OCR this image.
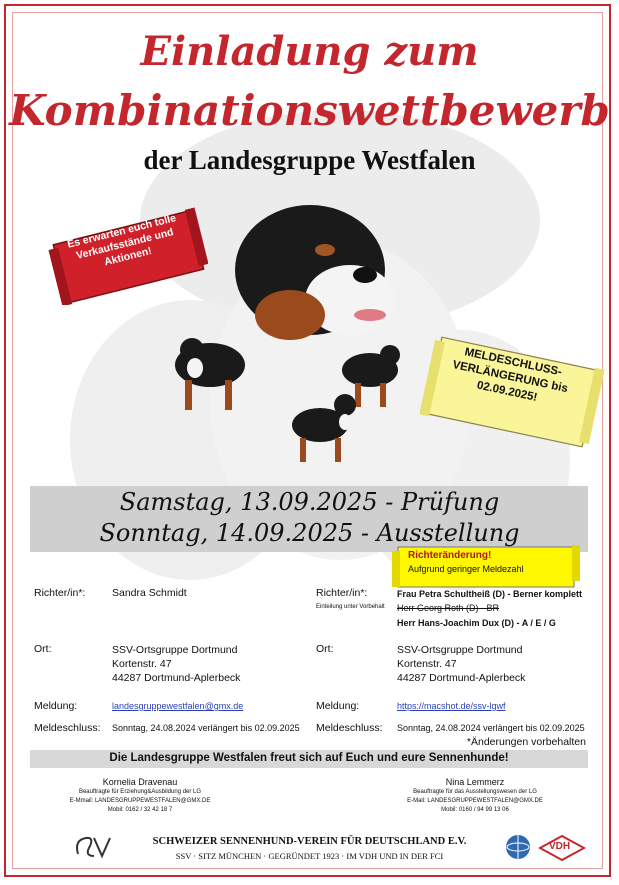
Einladung zum
Kombinationswettbewerb
der Landesgruppe Westfalen
Es erwarten euch tolle Verkaufsstände und Aktionen!
MELDESCHLUSS-VERLÄNGERUNG bis 02.09.2025!
Samstag, 13.09.2025 - Prüfung
Sonntag, 14.09.2025 - Ausstellung
Richteränderung!
Aufgrund geringer Meldezahl
Richter/in*:	Sandra Schmidt
Ort:	SSV-Ortsgruppe Dortmund
Kortenstr. 47
44287 Dortmund-Aplerbeck
Meldung:	landesgruppewestfalen@gmx.de
Meldeschluss: Sonntag, 24.08.2024 verlängert bis 02.09.2025
Richter/in*:
Einteilung unter Vorbehalt
Frau Petra Schultheiß (D) - Berner komplett
Herr Georg Roth (D) - BR
Herr Hans-Joachim Dux (D) - A / E / G
Ort:	SSV-Ortsgruppe Dortmund
Kortenstr. 47
44287 Dortmund-Aplerbeck
Meldung:	https://macshot.de/ssv-lgwf
Meldeschluss: Sonntag, 24.08.2024 verlängert bis 02.09.2025
*Änderungen vorbehalten
Die Landesgruppe Westfalen freut sich auf Euch und eure Sennenhunde!
Kornelia Dravenau
Beauftragte für Erziehung&Ausbildung der LG
E-Mmail: LANDESGRUPPEWESTFALEN@GMX.DE
Mobil: 0162 / 32 42 18 7
Nina Lemmerz
Beauftragte für das Ausstellungswesen der LG
E-Mail: LANDESGRUPPEWESTFALEN@GMX.DE
Mobil: 0160 / 94 99 13 06
SCHWEIZER SENNENHUND-VEREIN FÜR DEUTSCHLAND E.V.
SSV · SITZ MÜNCHEN · GEGRÜNDET 1923 · IM VDH UND IN DER FCI
VDH
